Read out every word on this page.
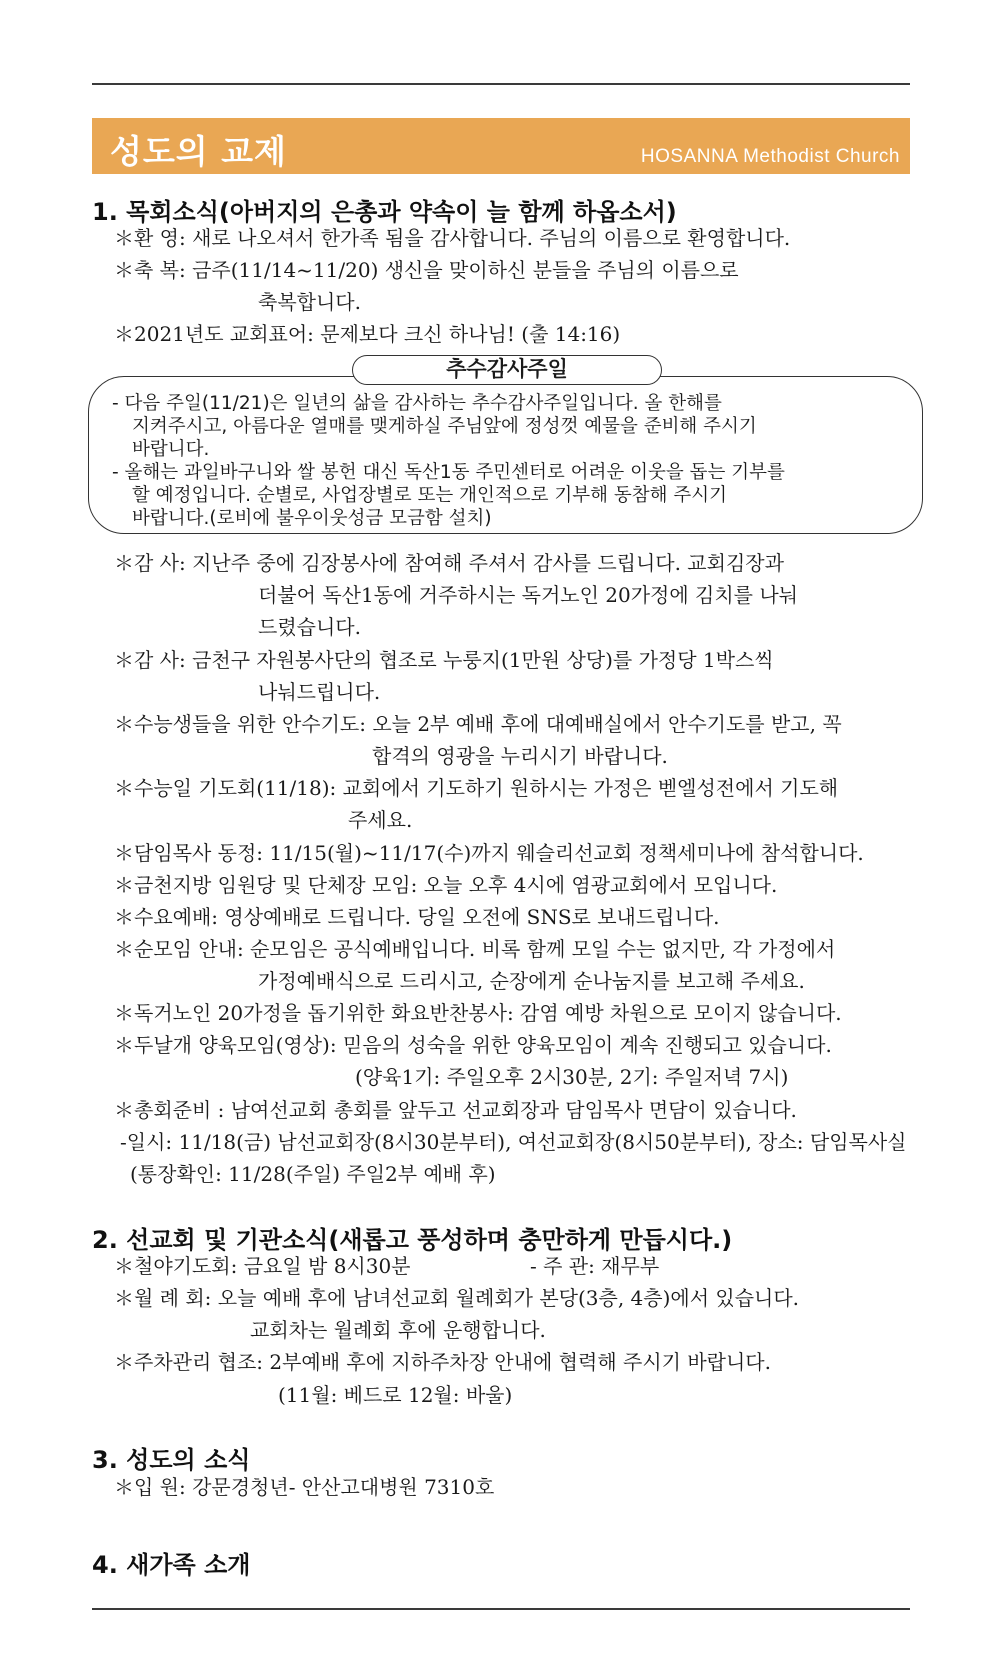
성도의 교제	HOSANNA Methodist Church
1. 목회소식(아버지의 은총과 약속이 늘 함께 하옵소서)
＊환 영: 새로 나오셔서 한가족 됨을 감사합니다. 주님의 이름으로 환영합니다.
＊축 복: 금주(11/14~11/20) 생신을 맞이하신 분들을 주님의 이름으로
축복합니다.
＊2021년도 교회표어: 문제보다 크신 하나님! (출 14:16)
추수감사주일
- 다음 주일(11/21)은 일년의 삶을 감사하는 추수감사주일입니다. 올 한해를
지켜주시고, 아름다운 열매를 맺게하실 주님앞에 정성껏 예물을 준비해 주시기
바랍니다.
- 올해는 과일바구니와 쌀 봉헌 대신 독산1동 주민센터로 어려운 이웃을 돕는 기부를
할 예정입니다. 순별로, 사업장별로 또는 개인적으로 기부해 동참해 주시기
바랍니다.(로비에 불우이웃성금 모금함 설치)
＊감 사: 지난주 중에 김장봉사에 참여해 주셔서 감사를 드립니다. 교회김장과
더불어 독산1동에 거주하시는 독거노인 20가정에 김치를 나눠
드렸습니다.
＊감 사: 금천구 자원봉사단의 협조로 누룽지(1만원 상당)를 가정당 1박스씩
나눠드립니다.
＊수능생들을 위한 안수기도: 오늘 2부 예배 후에 대예배실에서 안수기도를 받고, 꼭
합격의 영광을 누리시기 바랍니다.
＊수능일 기도회(11/18): 교회에서 기도하기 원하시는 가정은 벧엘성전에서 기도해
주세요.
＊담임목사 동정: 11/15(월)~11/17(수)까지 웨슬리선교회 정책세미나에 참석합니다.
＊금천지방 임원당 및 단체장 모임: 오늘 오후 4시에 염광교회에서 모입니다.
＊수요예배: 영상예배로 드립니다. 당일 오전에 SNS로 보내드립니다.
＊순모임 안내: 순모임은 공식예배입니다. 비록 함께 모일 수는 없지만, 각 가정에서
가정예배식으로 드리시고, 순장에게 순나눔지를 보고해 주세요.
＊독거노인 20가정을 돕기위한 화요반찬봉사: 감염 예방 차원으로 모이지 않습니다.
＊두날개 양육모임(영상): 믿음의 성숙을 위한 양육모임이 계속 진행되고 있습니다.
(양육1기: 주일오후 2시30분, 2기: 주일저녁 7시)
＊총회준비 : 남여선교회 총회를 앞두고 선교회장과 담임목사 면담이 있습니다.
-일시: 11/18(금) 남선교회장(8시30분부터), 여선교회장(8시50분부터), 장소: 담임목사실
(통장확인: 11/28(주일) 주일2부 예배 후)
2. 선교회 및 기관소식(새롭고 풍성하며 충만하게 만듭시다.)
＊철야기도회: 금요일 밤 8시30분	- 주 관: 재무부
＊월 례 회: 오늘 예배 후에 남녀선교회 월례회가 본당(3층, 4층)에서 있습니다.
교회차는 월례회 후에 운행합니다.
＊주차관리 협조: 2부예배 후에 지하주차장 안내에 협력해 주시기 바랍니다.
(11월: 베드로 12월: 바울)
3. 성도의 소식
＊입 원: 강문경청년- 안산고대병원 7310호
4. 새가족 소개
